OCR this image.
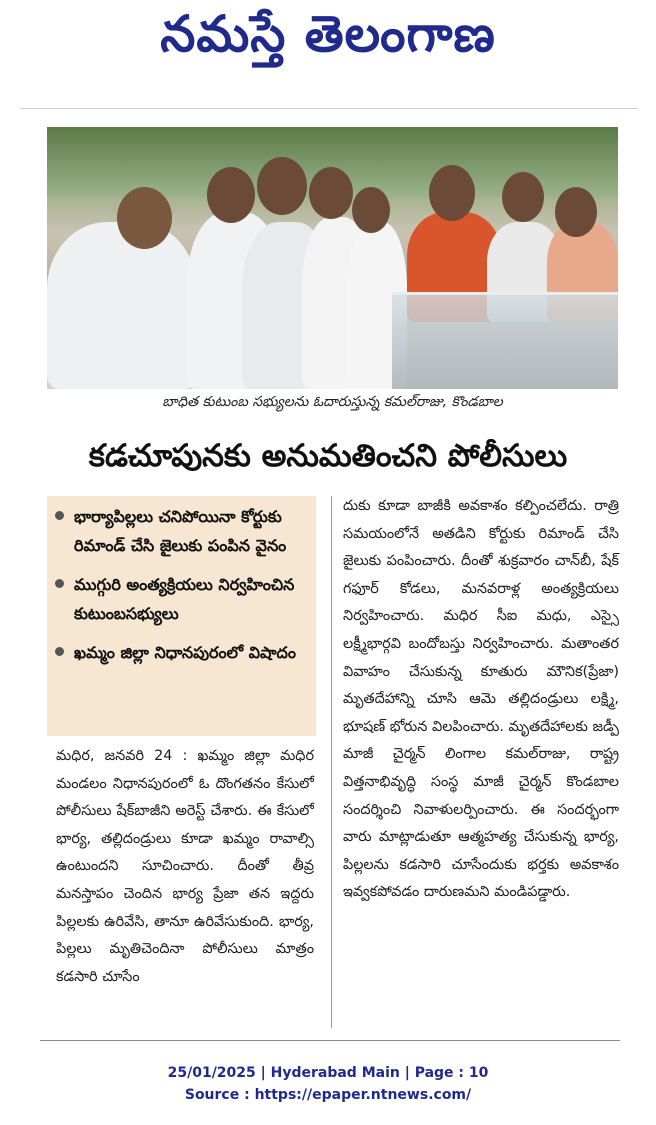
నమస్తే తెలంగాణ
బాధిత కుటుంబ సభ్యులను ఓదారుస్తున్న కమల్‌రాజు, కొండబాల
కడచూపునకు అనుమతించని పోలీసులు
భార్యాపిల్లలు చనిపోయినా కోర్టుకు రిమాండ్‌ చేసి జైలుకు పంపిన వైనం
ముగ్గురి అంత్యక్రియలు నిర్వహించిన కుటుంబసభ్యులు
ఖమ్మం జిల్లా నిధానపురంలో విషాదం
మధిర, జనవరి 24 : ఖమ్మం జిల్లా మధిర మండలం నిధానపురంలో ఓ దొంగతనం కేసులో పోలీసులు షేక్‌బాజీని అరెస్ట్‌ చేశారు. ఈ కేసులో భార్య, తల్లిదండ్రులు కూడా ఖమ్మం రావాల్సి ఉంటుందని సూచించారు. దీంతో తీవ్ర మనస్తాపం చెందిన భార్య ప్రేజా తన ఇద్దరు పిల్లలకు ఉరివేసి, తానూ ఉరివేసుకుంది. భార్య, పిల్లలు మృతిచెందినా పోలీసులు మాత్రం కడసారి చూసేం
దుకు కూడా బాజీకి అవకాశం కల్పించలేదు. రాత్రి సమయంలోనే అతడిని కోర్టుకు రిమాండ్‌ చేసి జైలుకు పంపించారు. దీంతో శుక్రవారం చాన్‌బీ, షేక్‌ గఫూర్‌ కోడలు, మనవరాళ్ల అంత్యక్రియలు నిర్వహించారు. మధిర సీఐ మధు, ఎస్సై లక్ష్మీభార్గవి బందోబస్తు నిర్వహించారు. మతాంతర వివాహం చేసుకున్న కూతురు మౌనిక(ప్రేజా) మృతదేహాన్ని చూసి ఆమె తల్లిదండ్రులు లక్ష్మి, భూషణ్‌ భోరున విలపించారు. మృతదేహాలకు జడ్పీ మాజీ చైర్మన్‌ లింగాల కమల్‌రాజు, రాష్ట్ర విత్తనాభివృద్ధి సంస్థ మాజీ చైర్మన్‌ కొండబాల సందర్శించి నివాళులర్పించారు. ఈ సందర్భంగా వారు మాట్లాడుతూ ఆత్మహత్య చేసుకున్న భార్య, పిల్లలను కడసారి చూసేందుకు భర్తకు అవకాశం ఇవ్వకపోవడం దారుణమని మండిపడ్డారు.
25/01/2025 | Hyderabad Main | Page : 10
Source : https://epaper.ntnews.com/
